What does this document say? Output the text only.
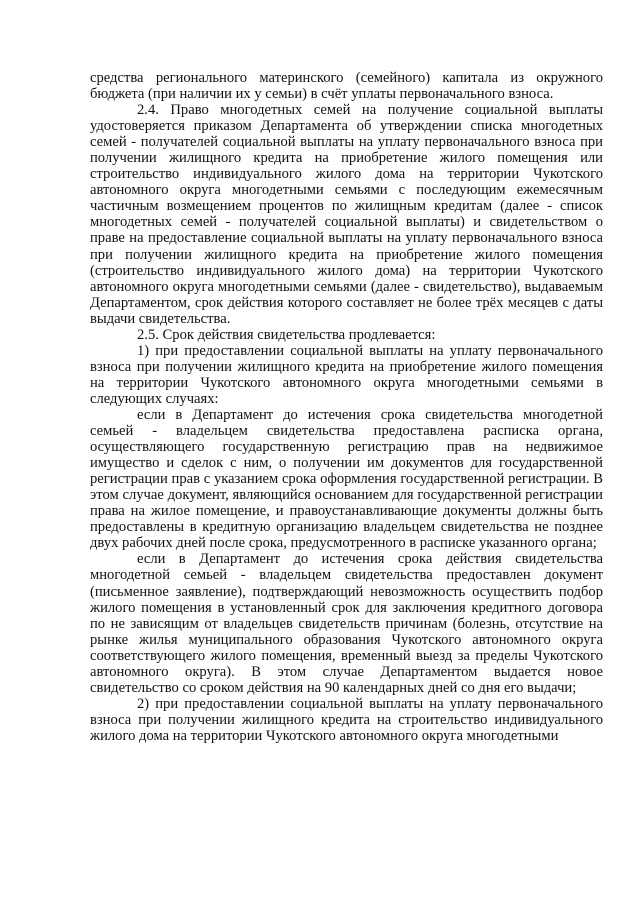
средства регионального материнского (семейного) капитала из окружного бюджета (при наличии их у семьи) в счёт уплаты первоначального взноса.

2.4. Право многодетных семей на получение социальной выплаты удостоверяется приказом Департамента об утверждении списка многодетных семей - получателей социальной выплаты на уплату первоначального взноса при получении жилищного кредита на приобретение жилого помещения или строительство индивидуального жилого дома на территории Чукотского автономного округа многодетными семьями с последующим ежемесячным частичным возмещением процентов по жилищным кредитам (далее - список многодетных семей - получателей социальной выплаты) и свидетельством о праве на предоставление социальной выплаты на уплату первоначального взноса при получении жилищного кредита на приобретение жилого помещения (строительство индивидуального жилого дома) на территории Чукотского автономного округа многодетными семьями (далее - свидетельство), выдаваемым Департаментом, срок действия которого составляет не более трёх месяцев с даты выдачи свидетельства.

2.5. Срок действия свидетельства продлевается:

1) при предоставлении социальной выплаты на уплату первоначального взноса при получении жилищного кредита на приобретение жилого помещения на территории Чукотского автономного округа многодетными семьями в следующих случаях:

если в Департамент до истечения срока свидетельства многодетной семьей - владельцем свидетельства предоставлена расписка органа, осуществляющего государственную регистрацию прав на недвижимое имущество и сделок с ним, о получении им документов для государственной регистрации прав с указанием срока оформления государственной регистрации. В этом случае документ, являющийся основанием для государственной регистрации права на жилое помещение, и правоустанавливающие документы должны быть предоставлены в кредитную организацию владельцем свидетельства не позднее двух рабочих дней после срока, предусмотренного в расписке указанного органа;

если в Департамент до истечения срока действия свидетельства многодетной семьей - владельцем свидетельства предоставлен документ (письменное заявление), подтверждающий невозможность осуществить подбор жилого помещения в установленный срок для заключения кредитного договора по не зависящим от владельцев свидетельств причинам (болезнь, отсутствие на рынке жилья муниципального образования Чукотского автономного округа соответствующего жилого помещения, временный выезд за пределы Чукотского автономного округа). В этом случае Департаментом выдается новое свидетельство со сроком действия на 90 календарных дней со дня его выдачи;

2) при предоставлении социальной выплаты на уплату первоначального взноса при получении жилищного кредита на строительство индивидуального жилого дома на территории Чукотского автономного округа многодетными
